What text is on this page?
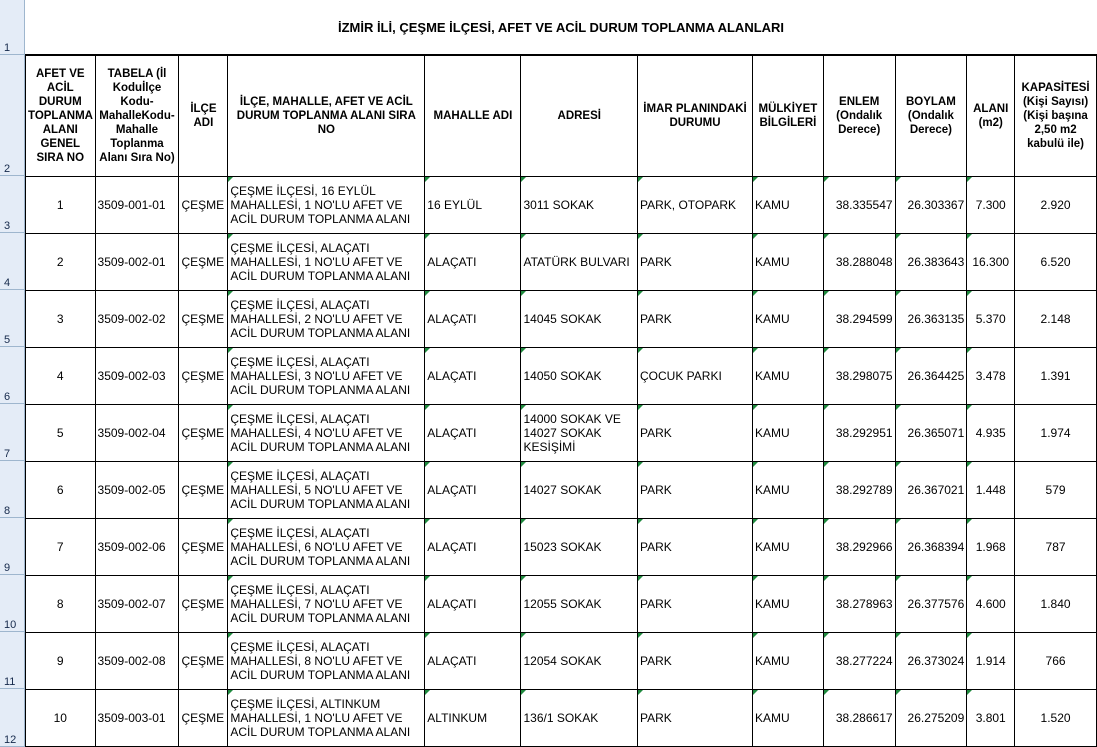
1
2
3
4
5
6
7
8
9
10
11
12
İZMİR İLİ, ÇEŞME İLÇESİ, AFET VE ACİL DURUM TOPLANMA ALANLARI
AFET VE ACİL DURUM TOPLANMA ALANI GENEL SIRA NO	TABELA (İl Koduİlçe Kodu-MahalleKodu-Mahalle Toplanma Alanı Sıra No)	İLÇE ADI	İLÇE, MAHALLE, AFET VE ACİL DURUM TOPLANMA ALANI SIRA NO	MAHALLE ADI	ADRESİ	İMAR PLANINDAKİ DURUMU	MÜLKİYET BİLGİLERİ	ENLEM (Ondalık Derece)	BOYLAM (Ondalık Derece)	ALANI (m2)	KAPASİTESİ (Kişi Sayısı) (Kişi başına 2,50 m2 kabulü ile)
1	3509-001-01	ÇEŞME	ÇEŞME İLÇESİ, 16 EYLÜL MAHALLESİ, 1 NO'LU AFET VE ACİL DURUM TOPLANMA ALANI	16 EYLÜL	3011 SOKAK	PARK, OTOPARK	KAMU	38.335547	26.303367	7.300	2.920
2	3509-002-01	ÇEŞME	ÇEŞME İLÇESİ, ALAÇATI MAHALLESİ, 1 NO'LU AFET VE ACİL DURUM TOPLANMA ALANI	ALAÇATI	ATATÜRK BULVARI	PARK	KAMU	38.288048	26.383643	16.300	6.520
3	3509-002-02	ÇEŞME	ÇEŞME İLÇESİ, ALAÇATI MAHALLESİ, 2 NO'LU AFET VE ACİL DURUM TOPLANMA ALANI	ALAÇATI	14045 SOKAK	PARK	KAMU	38.294599	26.363135	5.370	2.148
4	3509-002-03	ÇEŞME	ÇEŞME İLÇESİ, ALAÇATI MAHALLESİ, 3 NO'LU AFET VE ACİL DURUM TOPLANMA ALANI	ALAÇATI	14050 SOKAK	ÇOCUK PARKI	KAMU	38.298075	26.364425	3.478	1.391
5	3509-002-04	ÇEŞME	ÇEŞME İLÇESİ, ALAÇATI MAHALLESİ, 4 NO'LU AFET VE ACİL DURUM TOPLANMA ALANI	ALAÇATI	14000 SOKAK VE 14027 SOKAK KESİŞİMİ	PARK	KAMU	38.292951	26.365071	4.935	1.974
6	3509-002-05	ÇEŞME	ÇEŞME İLÇESİ, ALAÇATI MAHALLESİ, 5 NO'LU AFET VE ACİL DURUM TOPLANMA ALANI	ALAÇATI	14027 SOKAK	PARK	KAMU	38.292789	26.367021	1.448	579
7	3509-002-06	ÇEŞME	ÇEŞME İLÇESİ, ALAÇATI MAHALLESİ, 6 NO'LU AFET VE ACİL DURUM TOPLANMA ALANI	ALAÇATI	15023 SOKAK	PARK	KAMU	38.292966	26.368394	1.968	787
8	3509-002-07	ÇEŞME	ÇEŞME İLÇESİ, ALAÇATI MAHALLESİ, 7 NO'LU AFET VE ACİL DURUM TOPLANMA ALANI	ALAÇATI	12055 SOKAK	PARK	KAMU	38.278963	26.377576	4.600	1.840
9	3509-002-08	ÇEŞME	ÇEŞME İLÇESİ, ALAÇATI MAHALLESİ, 8 NO'LU AFET VE ACİL DURUM TOPLANMA ALANI	ALAÇATI	12054 SOKAK	PARK	KAMU	38.277224	26.373024	1.914	766
10	3509-003-01	ÇEŞME	ÇEŞME İLÇESİ, ALTINKUM MAHALLESİ, 1 NO'LU AFET VE ACİL DURUM TOPLANMA ALANI	ALTINKUM	136/1 SOKAK	PARK	KAMU	38.286617	26.275209	3.801	1.520
